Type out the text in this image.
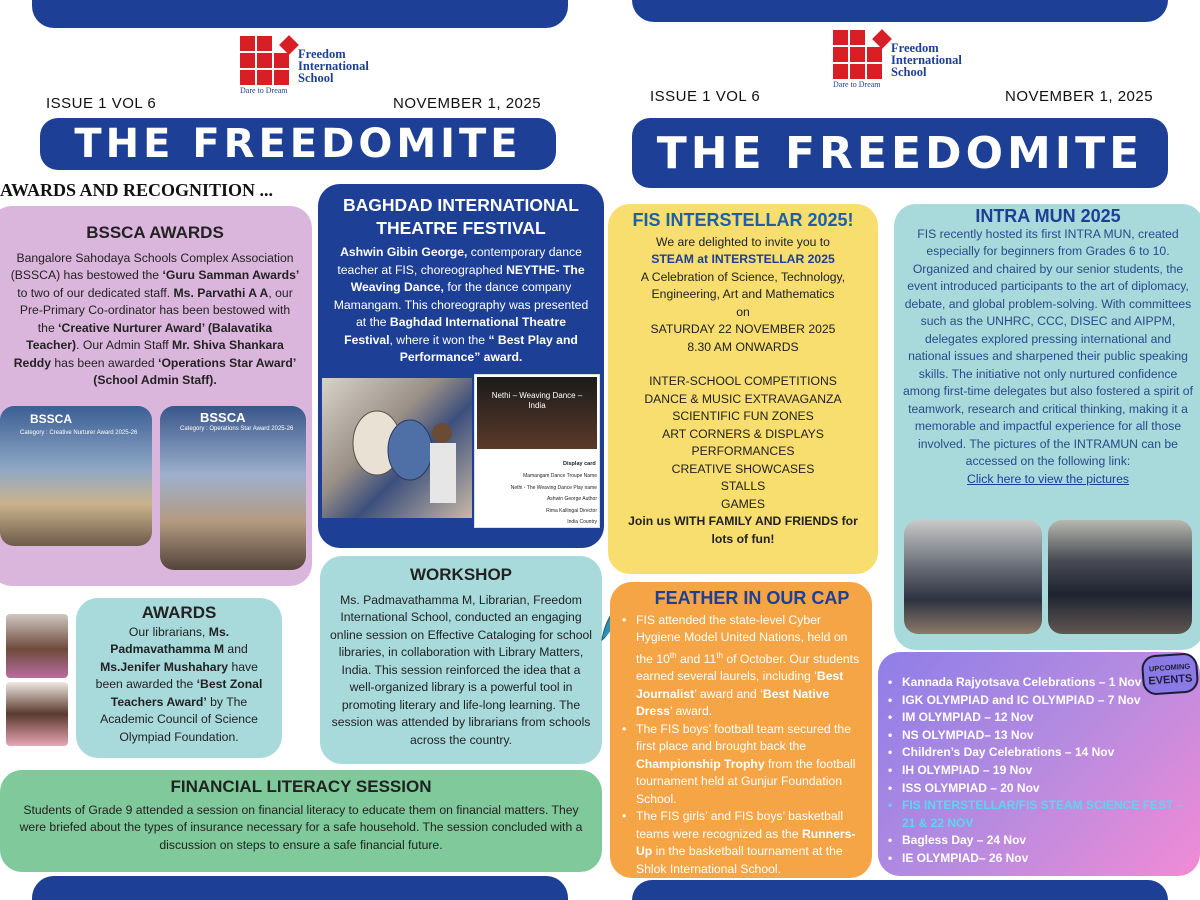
Dare to Dream
Freedom
International
School
ISSUE 1 VOL 6	NOVEMBER 1, 2025
THE FREEDOMITE
AWARDS AND RECOGNITION ...
BSSCA AWARDS

Bangalore Sahodaya Schools Complex Association (BSSCA) has bestowed the ‘Guru Samman Awards’ to two of our dedicated staff. Ms. Parvathi A A, our Pre-Primary Co-ordinator has been bestowed with the ‘Creative Nurturer Award’ (Balavatika Teacher). Our Admin Staff Mr. Shiva Shankara Reddy has been awarded ‘Operations Star Award’ (School Admin Staff).

BSSCA
Category : Creative Nurturer Award 2025-26
BSSCA
Category : Operations Star Award 2025-26
BAGHDAD INTERNATIONAL THEATRE FESTIVAL

Ashwin Gibin George, contemporary dance teacher at FIS, choreographed NEYTHE- The Weaving Dance, for the dance company Mamangam. This choreography was presented at the Baghdad International Theatre Festival, where it won the “ Best Play and Performance” award.

Nethi – Weaving Dance – India
Display card
Mamangam Dance Troupe Name
Nethi - The Weaving Dance Play name
Ashwin George Author
Rima Kallingal Director
India Country
AWARDS

Our librarians, Ms. Padmavathamma M and Ms.Jenifer Mushahary have been awarded the ‘Best Zonal Teachers Award’ by The Academic Council of Science Olympiad Foundation.

WORKSHOP

Ms. Padmavathamma M, Librarian, Freedom International School, conducted an engaging online session on Effective Cataloging for school libraries, in collaboration with Library Matters, India. This session reinforced the idea that a well-organized library is a powerful tool in promoting literary and life-long learning. The session was attended by librarians from schools across the country.

FINANCIAL LITERACY SESSION

Students of Grade 9 attended a session on financial literacy to educate them on financial matters. They were briefed about the types of insurance necessary for a safe household. The session concluded with a discussion on steps to ensure a safe financial future.

Dare to Dream
Freedom
International
School
ISSUE 1 VOL 6	NOVEMBER 1, 2025
THE FREEDOMITE
FIS INTERSTELLAR 2025!
We are delighted to invite you to
STEAM at INTERSTELLAR 2025
A Celebration of Science, Technology, Engineering, Art and Mathematics
on
SATURDAY 22 NOVEMBER 2025
8.30 AM ONWARDS
INTER-SCHOOL COMPETITIONS
DANCE & MUSIC EXTRAVAGANZA
SCIENTIFIC FUN ZONES
ART CORNERS & DISPLAYS
PERFORMANCES
CREATIVE SHOWCASES
STALLS
GAMES
Join us WITH FAMILY AND FRIENDS for lots of fun!
INTRA MUN 2025

FIS recently hosted its first INTRA MUN, created especially for beginners from Grades 6 to 10. Organized and chaired by our senior students, the event introduced participants to the art of diplomacy, debate, and global problem-solving. With committees such as the UNHRC, CCC, DISEC and AIPPM, delegates explored pressing international and national issues and sharpened their public speaking skills. The initiative not only nurtured confidence among first-time delegates but also fostered a spirit of teamwork, research and critical thinking, making it a memorable and impactful experience for all those involved. The pictures of the INTRAMUN can be accessed on the following link:

Click here to view the pictures
FEATHER IN OUR CAP
• FIS attended the state-level Cyber Hygiene Model United Nations, held on the 10th and 11th of October. Our students earned several laurels, including ‘Best Journalist’ award and ‘Best Native Dress’ award.
• The FIS boys’ football team secured the first place and brought back the Championship Trophy from the football tournament held at Gunjur Foundation School.
• The FIS girls’ and FIS boys’ basketball teams were recognized as the Runners-Up in the basketball tournament at the Shlok International School.
• Kannada Rajyotsava Celebrations – 1 Nov
• IGK OLYMPIAD and IC OLYMPIAD – 7 Nov
• IM OLYMPIAD – 12 Nov
• NS OLYMPIAD– 13 Nov
• Children’s Day Celebrations – 14 Nov
• IH OLYMPIAD – 19 Nov
• ISS OLYMPIAD – 20 Nov
• FIS INTERSTELLAR/FIS STEAM SCIENCE FEST – 21 & 22 NOV
• Bagless Day – 24 Nov
• IE OLYMPIAD– 26 Nov
UPCOMING
EVENTS
